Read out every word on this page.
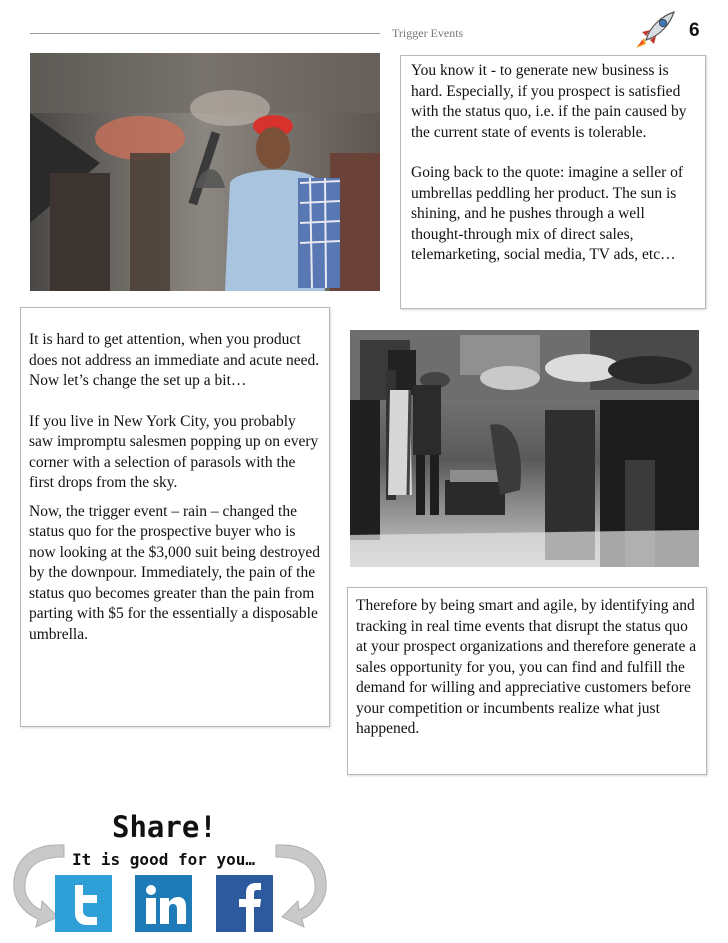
Trigger Events	6

You know it - to generate new business is hard. Especially, if you prospect is satisfied with the status quo, i.e. if the pain caused by the current state of events is tolerable.

Going back to the quote: imagine a seller of umbrellas peddling her product. The sun is shining, and he pushes through a well thought-through mix of direct sales, telemarketing, social media, TV ads, etc…

It is hard to get attention, when you product does not address an immediate and acute need. Now let’s change the set up a bit…

If you live in New York City, you probably saw impromptu salesmen popping up on every corner with a selection of parasols with the first drops from the sky.

Now, the trigger event – rain – changed the status quo for the prospective buyer who is now looking at the $3,000 suit being destroyed by the downpour. Immediately, the pain of the status quo becomes greater than the pain from parting with $5 for the essentially a disposable umbrella.

Therefore by being smart and agile, by identifying and tracking in real time events that disrupt the status quo at your prospect organizations and therefore generate a sales opportunity for you, you can find and fulfill the demand for willing and appreciative customers before your competition or incumbents realize what just happened.

Share!
It is good for you…
